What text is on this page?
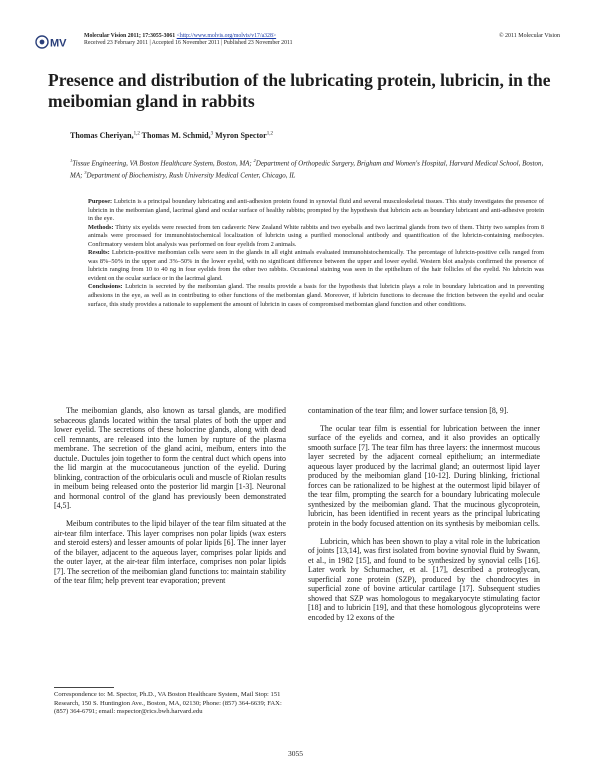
MV
Molecular Vision 2011; 17:3055-3061 <http://www.molvis.org/molvis/v17/a328>
Received 23 February 2011 | Accepted 16 November 2011 | Published 23 November 2011
© 2011 Molecular Vision
Presence and distribution of the lubricating protein, lubricin, in the meibomian gland in rabbits
Thomas Cheriyan,$^{1,2}$ Thomas M. Schmid,$^3$ Myron Spector$^{1,2}$
$^1$Tissue Engineering, VA Boston Healthcare System, Boston, MA; $^2$Department of Orthopedic Surgery, Brigham and Women's Hospital, Harvard Medical School, Boston, MA; $^3$Department of Biochemistry, Rush University Medical Center, Chicago, IL

Purpose: Lubricin is a principal boundary lubricating and anti-adhesion protein found in synovial fluid and several musculoskeletal tissues. This study investigates the presence of lubricin in the meibomian gland, lacrimal gland and ocular surface of healthy rabbits; prompted by the hypothesis that lubricin acts as boundary lubricant and anti-adhesive protein in the eye.

Methods: Thirty six eyelids were resected from ten cadaveric New Zealand White rabbits and two eyeballs and two lacrimal glands from two of them. Thirty two samples from 8 animals were processed for immunohistochemical localization of lubricin using a purified monoclonal antibody and quantification of the lubricin-containing meibocytes. Confirmatory western blot analysis was performed on four eyelids from 2 animals.

Results: Lubricin-positive meibomian cells were seen in the glands in all eight animals evaluated immunohistochemically. The percentage of lubricin-positive cells ranged from was 8%–50% in the upper and 3%–50% in the lower eyelid, with no significant difference between the upper and lower eyelid. Western blot analysis confirmed the presence of lubricin ranging from 10 to 40 ng in four eyelids from the other two rabbits. Occasional staining was seen in the epithelium of the hair follicles of the eyelid. No lubricin was evident on the ocular surface or in the lacrimal gland.

Conclusions: Lubricin is secreted by the meibomian gland. The results provide a basis for the hypothesis that lubricin plays a role in boundary lubrication and in preventing adhesions in the eye, as well as in contributing to other functions of the meibomian gland. Moreover, if lubricin functions to decrease the friction between the eyelid and ocular surface, this study provides a rationale to supplement the amount of lubricin in cases of compromised meibomian gland function and other conditions.

The meibomian glands, also known as tarsal glands, are modified sebaceous glands located within the tarsal plates of both the upper and lower eyelid. The secretions of these holocrine glands, along with dead cell remnants, are released into the lumen by rupture of the plasma membrane. The secretion of the gland acini, meibum, enters into the ductule. Ductules join together to form the central duct which opens into the lid margin at the mucocutaneous junction of the eyelid. During blinking, contraction of the orbicularis oculi and muscle of Riolan results in meibum being released onto the posterior lid margin [1-3]. Neuronal and hormonal control of the gland has previously been demonstrated [4,5].

Meibum contributes to the lipid bilayer of the tear film situated at the air-tear film interface. This layer comprises non polar lipids (wax esters and steroid esters) and lesser amounts of polar lipids [6]. The inner layer of the bilayer, adjacent to the aqueous layer, comprises polar lipids and the outer layer, at the air-tear film interface, comprises non polar lipids [7]. The secretion of the meibomian gland functions to: maintain stability of the tear film; help prevent tear evaporation; prevent

contamination of the tear film; and lower surface tension [8, 9].

The ocular tear film is essential for lubrication between the inner surface of the eyelids and cornea, and it also provides an optically smooth surface [7]. The tear film has three layers: the innermost mucous layer secreted by the adjacent corneal epithelium; an intermediate aqueous layer produced by the lacrimal gland; an outermost lipid layer produced by the meibomian gland [10-12]. During blinking, frictional forces can be rationalized to be highest at the outermost lipid bilayer of the tear film, prompting the search for a boundary lubricating molecule synthesized by the meibomian gland. That the mucinous glycoprotein, lubricin, has been identified in recent years as the principal lubricating protein in the body focused attention on its synthesis by meibomian cells.

Lubricin, which has been shown to play a vital role in the lubrication of joints [13,14], was first isolated from bovine synovial fluid by Swann, et al., in 1982 [15], and found to be synthesized by synovial cells [16]. Later work by Schumacher, et al. [17], described a proteoglycan, superficial zone protein (SZP), produced by the chondrocytes in superficial zone of bovine articular cartilage [17]. Subsequent studies showed that SZP was homologous to megakaryocyte stimulating factor [18] and to lubricin [19], and that these homologous glycoproteins were encoded by 12 exons of the

Correspondence to: M. Spector, Ph.D., VA Boston Healthcare System, Mail Stop: 151 Research, 150 S. Huntington Ave., Boston, MA, 02130; Phone: (857) 364-6639; FAX: (857) 364-6791; email: mspector@rics.bwh.harvard.edu
3055
